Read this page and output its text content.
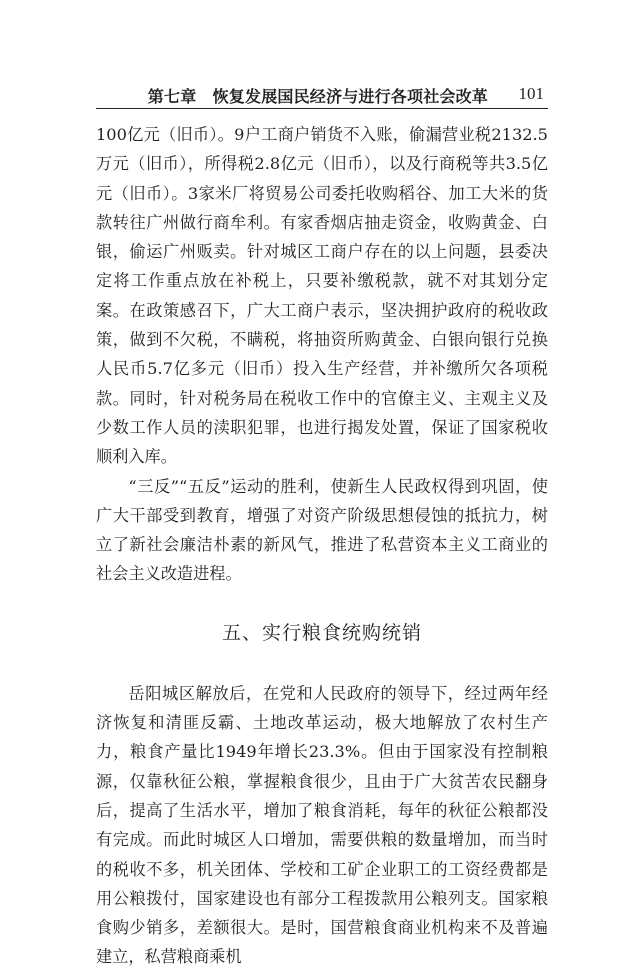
第七章　恢复发展国民经济与进行各项社会改革 101

100亿元（旧币）。9户工商户销货不入账，偷漏营业税2132.5万元（旧币），所得税2.8亿元（旧币），以及行商税等共3.5亿元（旧币）。3家米厂将贸易公司委托收购稻谷、加工大米的货款转往广州做行商牟利。有家香烟店抽走资金，收购黄金、白银，偷运广州贩卖。针对城区工商户存在的以上问题，县委决定将工作重点放在补税上，只要补缴税款，就不对其划分定案。在政策感召下，广大工商户表示，坚决拥护政府的税收政策，做到不欠税，不瞒税，将抽资所购黄金、白银向银行兑换人民币5.7亿多元（旧币）投入生产经营，并补缴所欠各项税款。同时，针对税务局在税收工作中的官僚主义、主观主义及少数工作人员的渎职犯罪，也进行揭发处置，保证了国家税收顺利入库。

“三反”“五反”运动的胜利，使新生人民政权得到巩固，使广大干部受到教育，增强了对资产阶级思想侵蚀的抵抗力，树立了新社会廉洁朴素的新风气，推进了私营资本主义工商业的社会主义改造进程。

五、实行粮食统购统销

岳阳城区解放后，在党和人民政府的领导下，经过两年经济恢复和清匪反霸、土地改革运动，极大地解放了农村生产力，粮食产量比1949年增长23.3%。但由于国家没有控制粮源，仅靠秋征公粮，掌握粮食很少，且由于广大贫苦农民翻身后，提高了生活水平，增加了粮食消耗，每年的秋征公粮都没有完成。而此时城区人口增加，需要供粮的数量增加，而当时的税收不多，机关团体、学校和工矿企业职工的工资经费都是用公粮拨付，国家建设也有部分工程拨款用公粮列支。国家粮食购少销多，差额很大。是时，国营粮食商业机构来不及普遍建立，私营粮商乘机
